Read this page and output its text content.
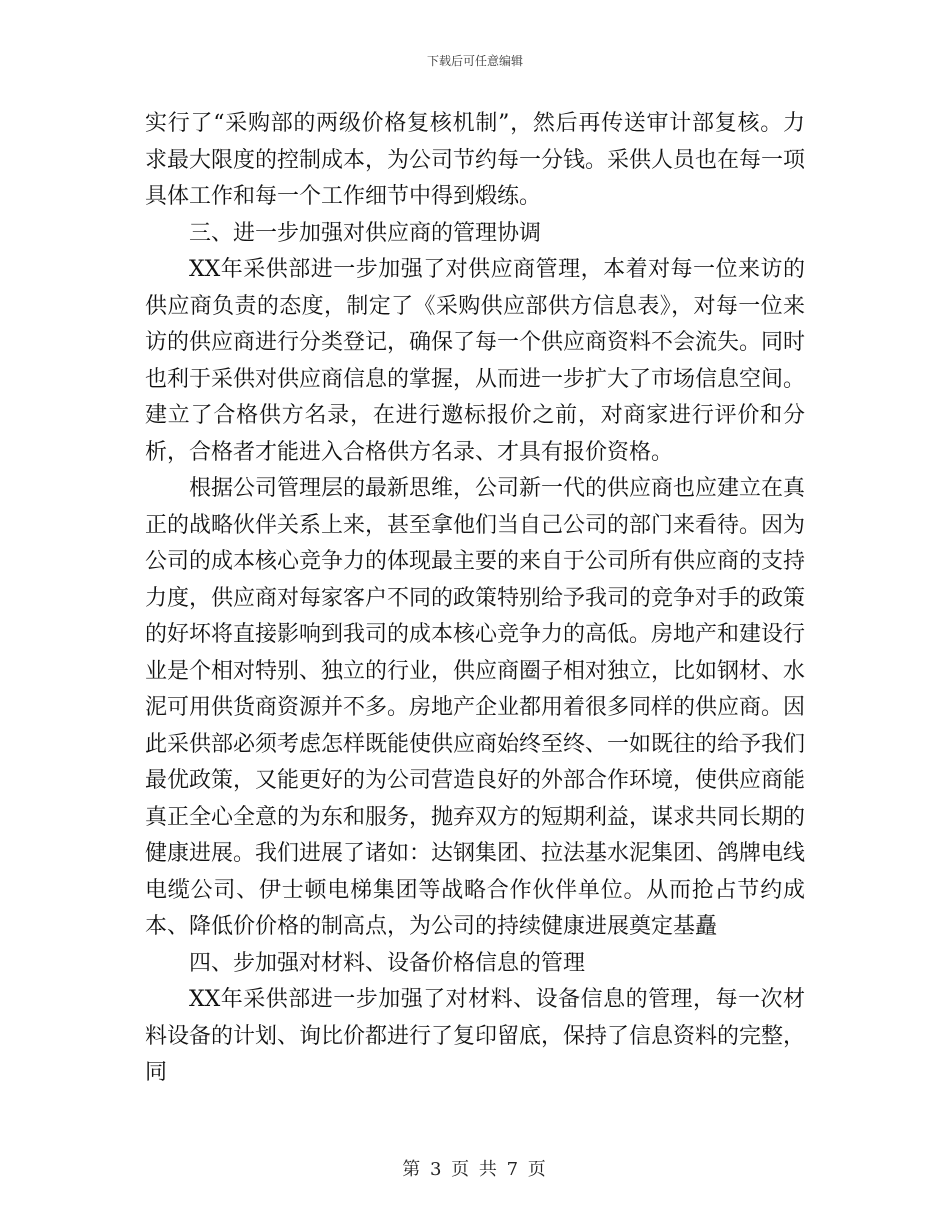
下载后可任意编辑

实行了“采购部的两级价格复核机制”，然后再传送审计部复核。力求最大限度的控制成本，为公司节约每一分钱。采供人员也在每一项具体工作和每一个工作细节中得到煅练。

三、进一步加强对供应商的管理协调

XX年采供部进一步加强了对供应商管理，本着对每一位来访的供应商负责的态度，制定了《采购供应部供方信息表》，对每一位来访的供应商进行分类登记，确保了每一个供应商资料不会流失。同时也利于采供对供应商信息的掌握，从而进一步扩大了市场信息空间。建立了合格供方名录，在进行邀标报价之前，对商家进行评价和分析，合格者才能进入合格供方名录、才具有报价资格。

根据公司管理层的最新思维，公司新一代的供应商也应建立在真正的战略伙伴关系上来，甚至拿他们当自己公司的部门来看待。因为公司的成本核心竞争力的体现最主要的来自于公司所有供应商的支持力度，供应商对每家客户不同的政策特别给予我司的竞争对手的政策的好坏将直接影响到我司的成本核心竞争力的高低。房地产和建设行业是个相对特别、独立的行业，供应商圈子相对独立，比如钢材、水泥可用供货商资源并不多。房地产企业都用着很多同样的供应商。因此采供部必须考虑怎样既能使供应商始终至终、一如既往的给予我们最优政策，又能更好的为公司营造良好的外部合作环境，使供应商能真正全心全意的为东和服务，抛弃双方的短期利益，谋求共同长期的健康进展。我们进展了诸如：达钢集团、拉法基水泥集团、鸽牌电线电缆公司、伊士顿电梯集团等战略合作伙伴单位。从而抢占节约成本、降低价价格的制高点，为公司的持续健康进展奠定基矗

四、步加强对材料、设备价格信息的管理

XX年采供部进一步加强了对材料、设备信息的管理，每一次材料设备的计划、询比价都进行了复印留底，保持了信息资料的完整，同

第 3 页 共 7 页
